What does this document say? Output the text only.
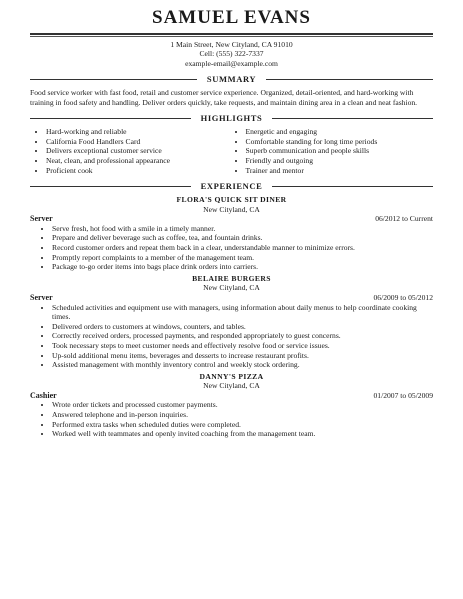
SAMUEL EVANS
1 Main Street, New Cityland, CA 91010
Cell: (555) 322-7337
example-email@example.com
SUMMARY

Food service worker with fast food, retail and customer service experience. Organized, detail-oriented, and hard-working with training in food safety and handling. Deliver orders quickly, take requests, and maintain dining area in a clean and neat fashion.

HIGHLIGHTS
• Hard-working and reliable
• California Food Handlers Card
• Delivers exceptional customer service
• Neat, clean, and professional appearance
• Proficient cook
• Energetic and engaging
• Comfortable standing for long time periods
• Superb communication and people skills
• Friendly and outgoing
• Trainer and mentor
EXPERIENCE
FLORA'S QUICK SIT DINER
New Cityland, CA
Server	06/2012 to Current
• Serve fresh, hot food with a smile in a timely manner.
• Prepare and deliver beverage such as coffee, tea, and fountain drinks.
• Record customer orders and repeat them back in a clear, understandable manner to minimize errors.
• Promptly report complaints to a member of the management team.
• Package to-go order items into bags place drink orders into carriers.
BELAIRE BURGERS
New Cityland, CA
Server	06/2009 to 05/2012
• Scheduled activities and equipment use with managers, using information about daily menus to help coordinate cooking times.
• Delivered orders to customers at windows, counters, and tables.
• Correctly received orders, processed payments, and responded appropriately to guest concerns.
• Took necessary steps to meet customer needs and effectively resolve food or service issues.
• Up-sold additional menu items, beverages and desserts to increase restaurant profits.
• Assisted management with monthly inventory control and weekly stock ordering.
DANNY'S PIZZA
New Cityland, CA
Cashier	01/2007 to 05/2009
• Wrote order tickets and processed customer payments.
• Answered telephone and in-person inquiries.
• Performed extra tasks when scheduled duties were completed.
• Worked well with teammates and openly invited coaching from the management team.
